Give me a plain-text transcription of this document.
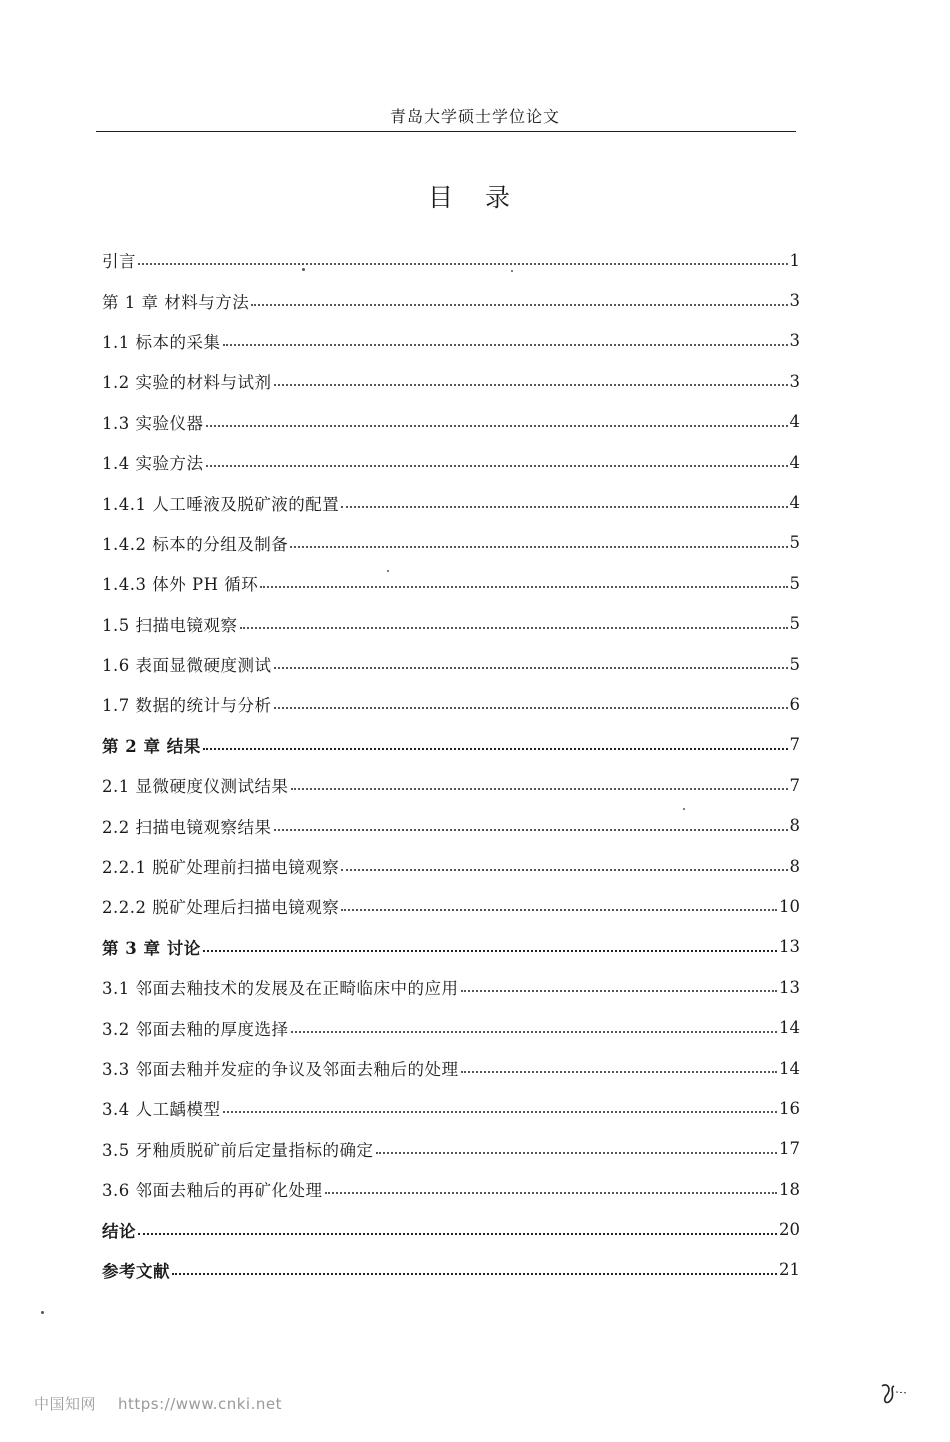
青岛大学硕士学位论文
目 录
引言	1
第 1 章 材料与方法	3
1.1 标本的采集	3
1.2 实验的材料与试剂	3
1.3 实验仪器	4
1.4 实验方法	4
1.4.1 人工唾液及脱矿液的配置	4
1.4.2 标本的分组及制备	5
1.4.3 体外 PH 循环	5
1.5 扫描电镜观察	5
1.6 表面显微硬度测试	5
1.7 数据的统计与分析	6
第 2 章 结果	7
2.1 显微硬度仪测试结果	7
2.2 扫描电镜观察结果	8
2.2.1 脱矿处理前扫描电镜观察	8
2.2.2 脱矿处理后扫描电镜观察	10
第 3 章 讨论	13
3.1 邻面去釉技术的发展及在正畸临床中的应用	13
3.2 邻面去釉的厚度选择	14
3.3 邻面去釉并发症的争议及邻面去釉后的处理	14
3.4 人工龋模型	16
3.5 牙釉质脱矿前后定量指标的确定	17
3.6 邻面去釉后的再矿化处理	18
结论	20
参考文献	21
中国知网 https://www.cnki.net
